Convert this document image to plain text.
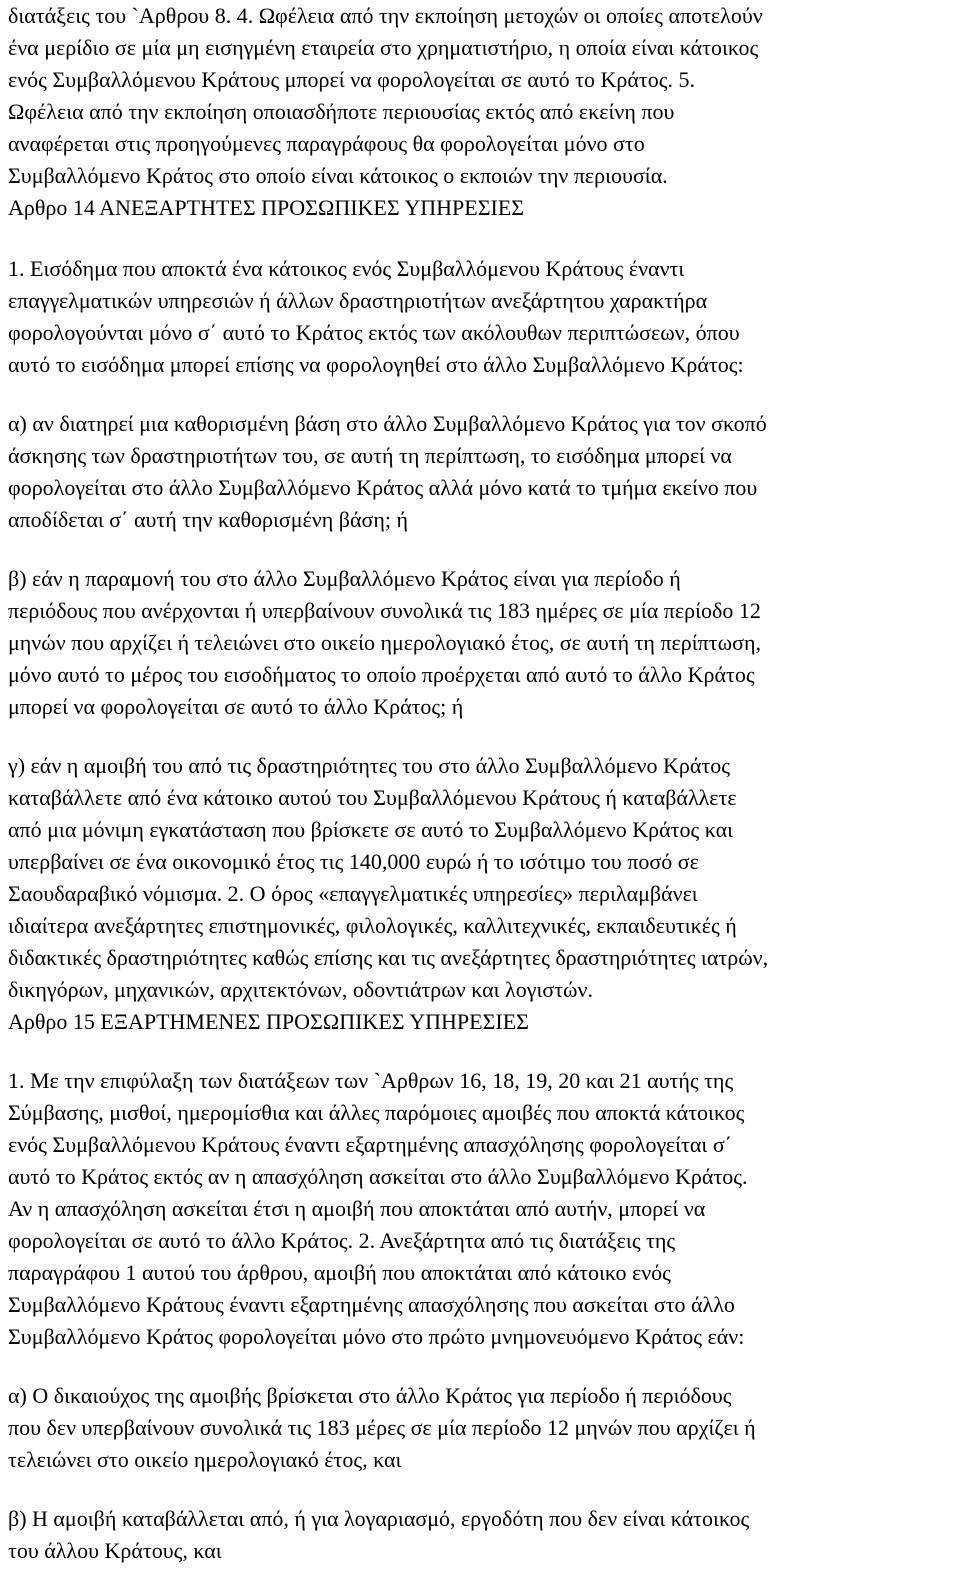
διατάξεις του `Αρθρου 8. 4. Ωφέλεια από την εκποίηση μετοχών οι οποίες αποτελούν
ένα μερίδιο σε μία μη εισηγμένη εταιρεία στο χρηματιστήριο, η οποία είναι κάτοικος
ενός Συμβαλλόμενου Κράτους μπορεί να φορολογείται σε αυτό το Κράτος. 5.
Ωφέλεια από την εκποίηση οποιασδήποτε περιουσίας εκτός από εκείνη που
αναφέρεται στις προηγούμενες παραγράφους θα φορολογείται μόνο στο
Συμβαλλόμενο Κράτος στο οποίο είναι κάτοικος ο εκποιών την περιουσία.
Αρθρο 14 ΑΝΕΞΑΡΤΗΤΕΣ ΠΡΟΣΩΠΙΚΕΣ ΥΠΗΡΕΣΙΕΣ

1. Εισόδημα που αποκτά ένα κάτοικος ενός Συμβαλλόμενου Κράτους έναντι
επαγγελματικών υπηρεσιών ή άλλων δραστηριοτήτων ανεξάρτητου χαρακτήρα
φορολογούνται μόνο σ΄ αυτό το Κράτος εκτός των ακόλουθων περιπτώσεων, όπου
αυτό το εισόδημα μπορεί επίσης να φορολογηθεί στο άλλο Συμβαλλόμενο Κράτος:

α) αν διατηρεί μια καθορισμένη βάση στο άλλο Συμβαλλόμενο Κράτος για τον σκοπό
άσκησης των δραστηριοτήτων του, σε αυτή τη περίπτωση, το εισόδημα μπορεί να
φορολογείται στο άλλο Συμβαλλόμενο Κράτος αλλά μόνο κατά το τμήμα εκείνο που
αποδίδεται σ΄ αυτή την καθορισμένη βάση; ή

β) εάν η παραμονή του στο άλλο Συμβαλλόμενο Κράτος είναι για περίοδο ή
περιόδους που ανέρχονται ή υπερβαίνουν συνολικά τις 183 ημέρες σε μία περίοδο 12
μηνών που αρχίζει ή τελειώνει στο οικείο ημερολογιακό έτος, σε αυτή τη περίπτωση,
μόνο αυτό το μέρος του εισοδήματος το οποίο προέρχεται από αυτό το άλλο Κράτος
μπορεί να φορολογείται σε αυτό το άλλο Κράτος; ή

γ) εάν η αμοιβή του από τις δραστηριότητες του στο άλλο Συμβαλλόμενο Κράτος
καταβάλλετε από ένα κάτοικο αυτού του Συμβαλλόμενου Κράτους ή καταβάλλετε
από μια μόνιμη εγκατάσταση που βρίσκετε σε αυτό το Συμβαλλόμενο Κράτος και
υπερβαίνει σε ένα οικονομικό έτος τις 140,000 ευρώ ή το ισότιμο του ποσό σε
Σαουδαραβικό νόμισμα. 2. Ο όρος «επαγγελματικές υπηρεσίες» περιλαμβάνει
ιδιαίτερα ανεξάρτητες επιστημονικές, φιλολογικές, καλλιτεχνικές, εκπαιδευτικές ή
διδακτικές δραστηριότητες καθώς επίσης και τις ανεξάρτητες δραστηριότητες ιατρών,
δικηγόρων, μηχανικών, αρχιτεκτόνων, οδοντιάτρων και λογιστών.
Αρθρο 15 ΕΞΑΡΤΗΜΕΝΕΣ ΠΡΟΣΩΠΙΚΕΣ ΥΠΗΡΕΣΙΕΣ

1. Με την επιφύλαξη των διατάξεων των `Αρθρων 16, 18, 19, 20 και 21 αυτής της
Σύμβασης, μισθοί, ημερομίσθια και άλλες παρόμοιες αμοιβές που αποκτά κάτοικος
ενός Συμβαλλόμενου Κράτους έναντι εξαρτημένης απασχόλησης φορολογείται σ΄
αυτό το Κράτος εκτός αν η απασχόληση ασκείται στο άλλο Συμβαλλόμενο Κράτος.
Αν η απασχόληση ασκείται έτσι η αμοιβή που αποκτάται από αυτήν, μπορεί να
φορολογείται σε αυτό το άλλο Κράτος. 2. Ανεξάρτητα από τις διατάξεις της
παραγράφου 1 αυτού του άρθρου, αμοιβή που αποκτάται από κάτοικο ενός
Συμβαλλόμενο Κράτους έναντι εξαρτημένης απασχόλησης που ασκείται στο άλλο
Συμβαλλόμενο Κράτος φορολογείται μόνο στο πρώτο μνημονευόμενο Κράτος εάν:

α) Ο δικαιούχος της αμοιβής βρίσκεται στο άλλο Κράτος για περίοδο ή περιόδους
που δεν υπερβαίνουν συνολικά τις 183 μέρες σε μία περίοδο 12 μηνών που αρχίζει ή
τελειώνει στο οικείο ημερολογιακό έτος, και

β) Η αμοιβή καταβάλλεται από, ή για λογαριασμό, εργοδότη που δεν είναι κάτοικος
του άλλου Κράτους, και
